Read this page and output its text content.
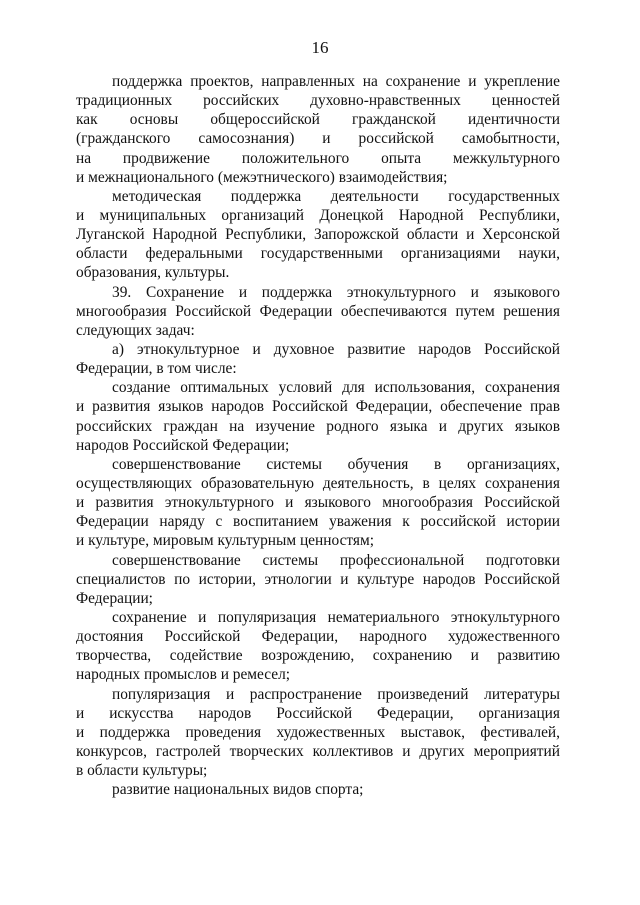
16
поддержка проектов, направленных на сохранение и укрепление
традиционных российских духовно-нравственных ценностей
как основы общероссийской гражданской идентичности
(гражданского самосознания) и российской самобытности,
на продвижение положительного опыта межкультурного
и межнационального (межэтнического) взаимодействия;
методическая поддержка деятельности государственных
и муниципальных организаций Донецкой Народной Республики,
Луганской Народной Республики, Запорожской области и Херсонской
области федеральными государственными организациями науки,
образования, культуры.
39. Сохранение и поддержка этнокультурного и языкового
многообразия Российской Федерации обеспечиваются путем решения
следующих задач:
а) этнокультурное и духовное развитие народов Российской
Федерации, в том числе:
создание оптимальных условий для использования, сохранения
и развития языков народов Российской Федерации, обеспечение прав
российских граждан на изучение родного языка и других языков
народов Российской Федерации;
совершенствование системы обучения в организациях,
осуществляющих образовательную деятельность, в целях сохранения
и развития этнокультурного и языкового многообразия Российской
Федерации наряду с воспитанием уважения к российской истории
и культуре, мировым культурным ценностям;
совершенствование системы профессиональной подготовки
специалистов по истории, этнологии и культуре народов Российской
Федерации;
сохранение и популяризация нематериального этнокультурного
достояния Российской Федерации, народного художественного
творчества, содействие возрождению, сохранению и развитию
народных промыслов и ремесел;
популяризация и распространение произведений литературы
и искусства народов Российской Федерации, организация
и поддержка проведения художественных выставок, фестивалей,
конкурсов, гастролей творческих коллективов и других мероприятий
в области культуры;
развитие национальных видов спорта;
